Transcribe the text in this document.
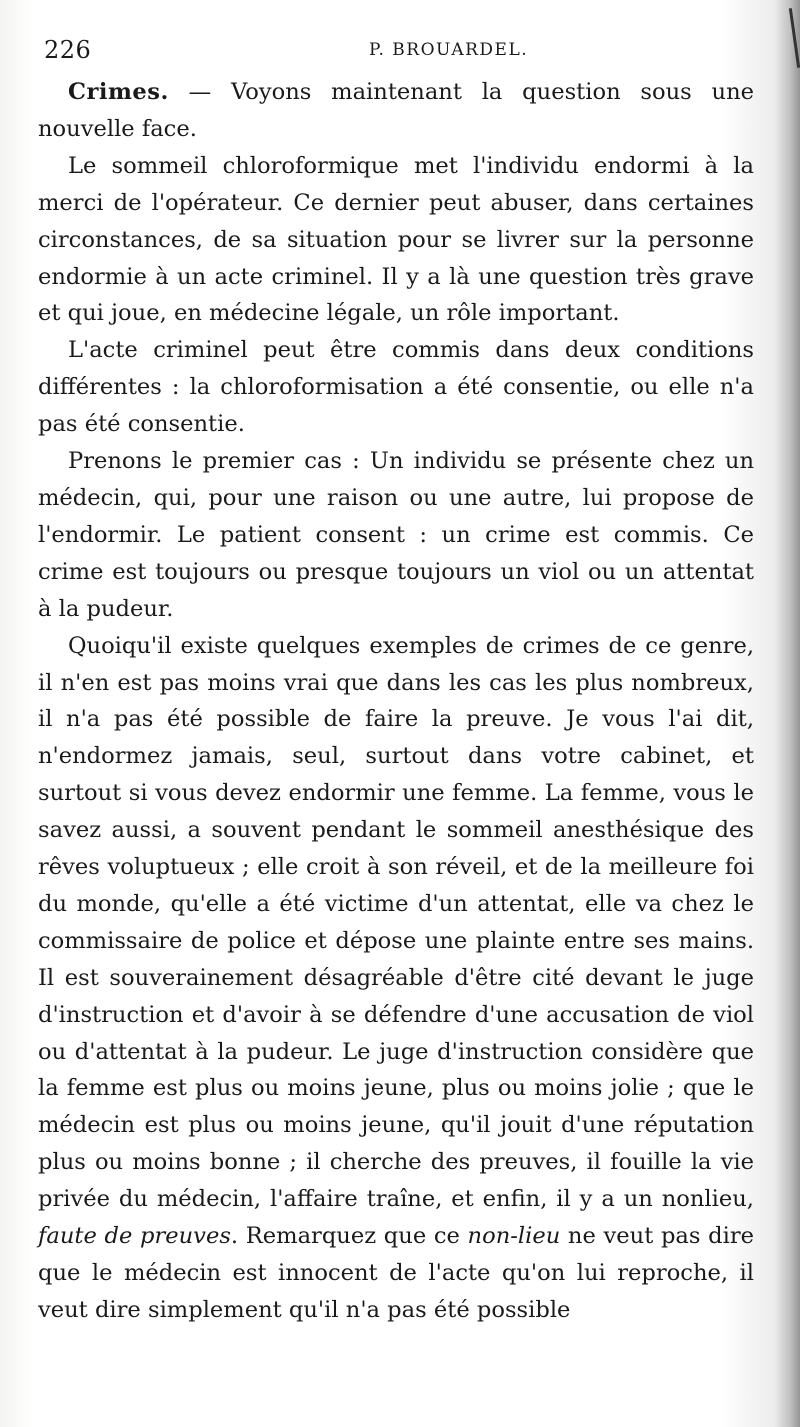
226	P. BROUARDEL.

Crimes. — Voyons maintenant la question sous une nouvelle face.

Le sommeil chloroformique met l'individu endormi à la merci de l'opérateur. Ce dernier peut abuser, dans certaines circonstances, de sa situation pour se livrer sur la personne endormie à un acte criminel. Il y a là une question très grave et qui joue, en médecine légale, un rôle important.

L'acte criminel peut être commis dans deux conditions différentes : la chloroformisation a été consentie, ou elle n'a pas été consentie.

Prenons le premier cas : Un individu se présente chez un médecin, qui, pour une raison ou une autre, lui propose de l'endormir. Le patient consent : un crime est commis. Ce crime est toujours ou presque toujours un viol ou un attentat à la pudeur.

Quoiqu'il existe quelques exemples de crimes de ce genre, il n'en est pas moins vrai que dans les cas les plus nombreux, il n'a pas été possible de faire la preuve. Je vous l'ai dit, n'endormez jamais, seul, surtout dans votre cabinet, et surtout si vous devez endormir une femme. La femme, vous le savez aussi, a souvent pendant le sommeil anesthésique des rêves voluptueux ; elle croit à son réveil, et de la meilleure foi du monde, qu'elle a été victime d'un attentat, elle va chez le commissaire de police et dépose une plainte entre ses mains. Il est souverainement désagréable d'être cité devant le juge d'instruction et d'avoir à se défendre d'une accusation de viol ou d'attentat à la pudeur. Le juge d'instruction considère que la femme est plus ou moins jeune, plus ou moins jolie ; que le médecin est plus ou moins jeune, qu'il jouit d'une réputation plus ou moins bonne ; il cherche des preuves, il fouille la vie privée du médecin, l'affaire traîne, et enfin, il y a un nonlieu, faute de preuves. Remarquez que ce non-lieu ne veut pas dire que le médecin est innocent de l'acte qu'on lui reproche, il veut dire simplement qu'il n'a pas été possible
